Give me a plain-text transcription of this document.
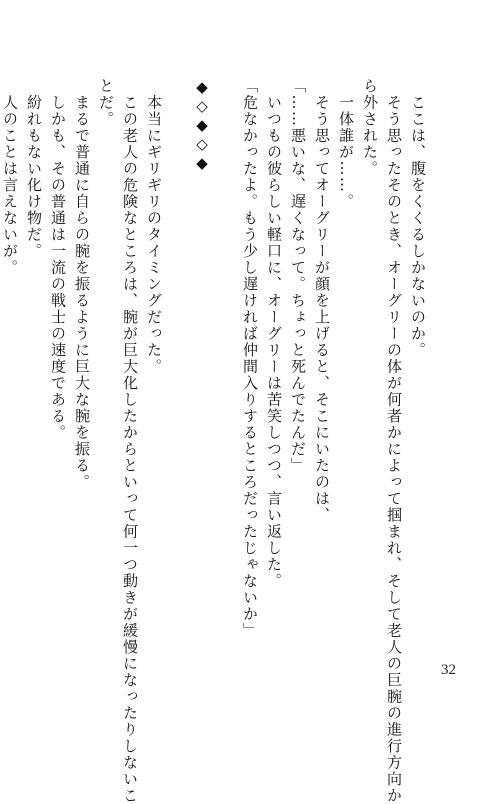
　ここは、腹をくくるしかないのか。
　そう思ったそのとき、オーグリーの体が何者かによって掴まれ、そして老人の巨腕の進行方向か
ら外された。
　一体誰が……。
　そう思ってオーグリーが顔を上げると、そこにいたのは、
「……悪いな、遅くなって。ちょっと死んでたんだ」
　いつもの彼らしい軽口に、オーグリーは苦笑しつつ、言い返した。
「危なかったよ。もう少し遅ければ仲間入りするところだったじゃないか」
◆◇◆◇◆
　本当にギリギリのタイミングだった。
　この老人の危険なところは、腕が巨大化したからといって何一つ動きが緩慢になったりしないこ
とだ。
　まるで普通に自らの腕を振るように巨大な腕を振る。
　しかも、その普通は一流の戦士の速度である。
　紛れもない化け物だ。
　人のことは言えないが。
32
